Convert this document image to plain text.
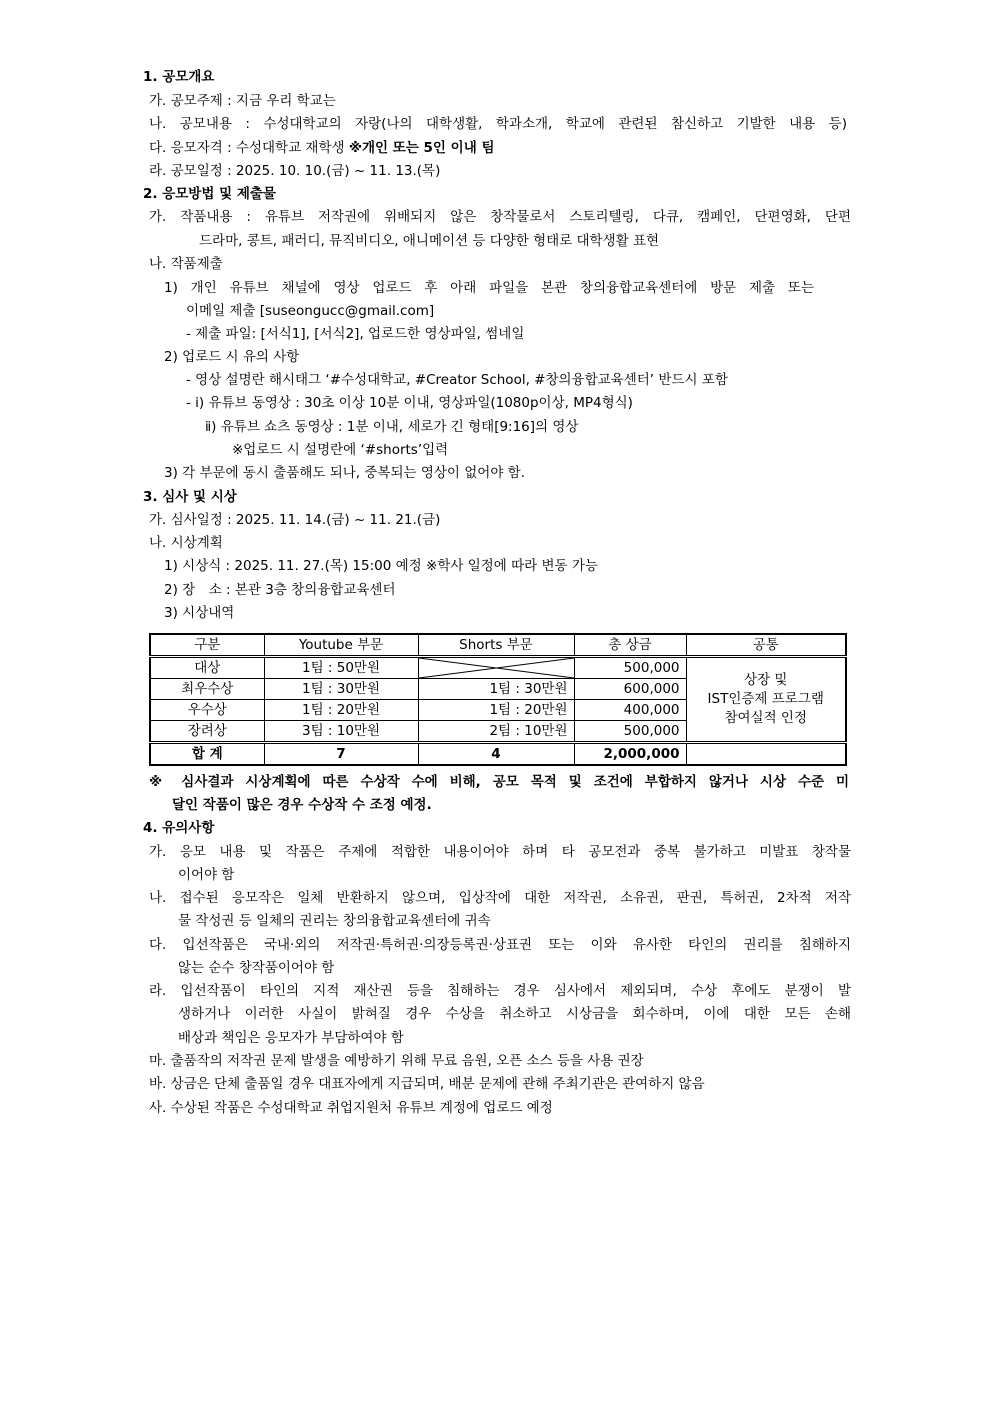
1. 공모개요
가. 공모주제 : 지금 우리 학교는
나. 공모내용 : 수성대학교의 자랑(나의 대학생활, 학과소개, 학교에 관련된 참신하고 기발한 내용 등)
다. 응모자격 : 수성대학교 재학생 ※개인 또는 5인 이내 팀
라. 공모일정 : 2025. 10. 10.(금) ~ 11. 13.(목)
2. 응모방법 및 제출물
가. 작품내용 : 유튜브 저작권에 위배되지 않은 창작물로서 스토리텔링, 다큐, 캠페인, 단편영화, 단편
드라마, 콩트, 패러디, 뮤직비디오, 애니메이션 등 다양한 형태로 대학생활 표현
나. 작품제출
1) 개인 유튜브 채널에 영상 업로드 후 아래 파일을 본관 창의융합교육센터에 방문 제출 또는
이메일 제출 [suseongucc@gmail.com]
- 제출 파일: [서식1], [서식2], 업로드한 영상파일, 썸네일
2) 업로드 시 유의 사항
- 영상 설명란 해시태그 ‘#수성대학교, #Creator School, #창의융합교육센터’ 반드시 포함
- ⅰ) 유튜브 동영상 : 30초 이상 10분 이내, 영상파일(1080p이상, MP4형식)
ⅱ) 유튜브 쇼츠 동영상 : 1분 이내, 세로가 긴 형태[9:16]의 영상
※업로드 시 설명란에 ‘#shorts’입력
3) 각 부문에 동시 출품해도 되나, 중복되는 영상이 없어야 함.
3. 심사 및 시상
가. 심사일정 : 2025. 11. 14.(금) ~ 11. 21.(금)
나. 시상계획
1) 시상식 : 2025. 11. 27.(목) 15:00 예정 ※학사 일정에 따라 변동 가능
2) 장　소 : 본관 3층 창의융합교육센터
3) 시상내역
구분	Youtube 부문	Shorts 부문	총 상금	공통
대상	1팀 : 50만원		500,000	상장 및
IST인증제 프로그램
참여실적 인정

최우수상	1팀 : 30만원	1팀 : 30만원	600,000	
우수상	1팀 : 20만원	1팀 : 20만원	400,000	
장려상	3팀 : 10만원	2팀 : 10만원	500,000	
합 계	7	4	2,000,000	
※ 심사결과 시상계획에 따른 수상작 수에 비해, 공모 목적 및 조건에 부합하지 않거나 시상 수준 미
달인 작품이 많은 경우 수상작 수 조정 예정.
4. 유의사항
가. 응모 내용 및 작품은 주제에 적합한 내용이어야 하며 타 공모전과 중복 불가하고 미발표 창작물
이어야 함
나. 접수된 응모작은 일체 반환하지 않으며, 입상작에 대한 저작권, 소유권, 판권, 특허권, 2차적 저작
물 작성권 등 일체의 권리는 창의융합교육센터에 귀속
다. 입선작품은 국내·외의 저작권·특허권·의장등록권·상표권 또는 이와 유사한 타인의 권리를 침해하지
않는 순수 창작품이어야 함
라. 입선작품이 타인의 지적 재산권 등을 침해하는 경우 심사에서 제외되며, 수상 후에도 분쟁이 발
생하거나 이러한 사실이 밝혀질 경우 수상을 취소하고 시상금을 회수하며, 이에 대한 모든 손해
배상과 책임은 응모자가 부담하여야 함
마. 출품작의 저작권 문제 발생을 예방하기 위해 무료 음원, 오픈 소스 등을 사용 권장
바. 상금은 단체 출품일 경우 대표자에게 지급되며, 배분 문제에 관해 주최기관은 관여하지 않음
사. 수상된 작품은 수성대학교 취업지원처 유튜브 계정에 업로드 예정
